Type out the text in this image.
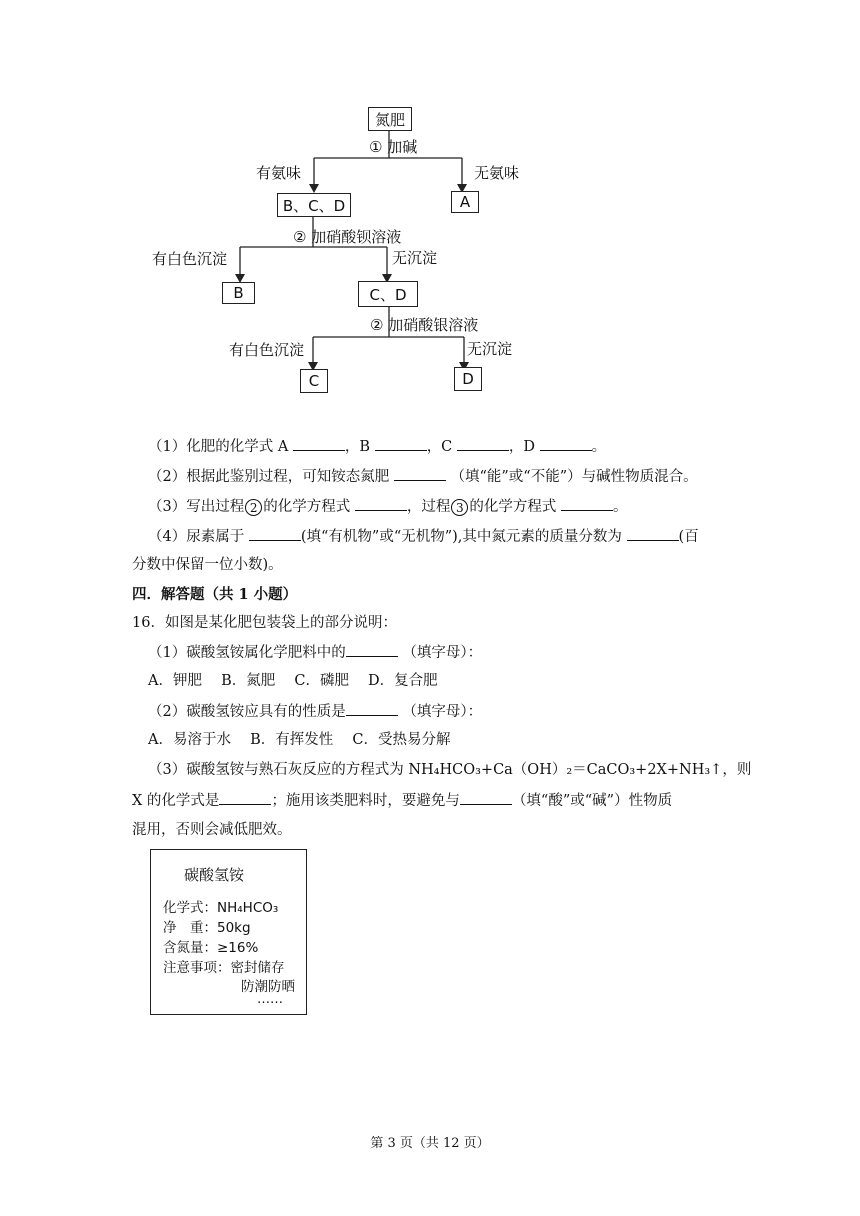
氮肥
① 加碱
有氨味	无氨味
B、C、D	A
② 加硝酸钡溶液
有白色沉淀	无沉淀
B	C、D
② 加硝酸银溶液
有白色沉淀	无沉淀
C	D
（1）化肥的化学式 A	，B	，C	，D	。
（2）根据此鉴别过程，可知铵态氮肥	（填“能”或“不能”）与碱性物质混合。
（3）写出过程 2 的化学方程式	，过程 3 的化学方程式	。
（4）尿素属于	(填“有机物”或“无机物”),其中氮元素的质量分数为	(百
分数中保留一位小数)。
四．解答题（共 1 小题）
16．如图是某化肥包装袋上的部分说明：
（1）碳酸氢铵属化学肥料中的	（填字母）：
A．钾肥　 B．氮肥　 C．磷肥　 D．复合肥
（2）碳酸氢铵应具有的性质是	（填字母）：
A．易溶于水　 B．有挥发性　 C．受热易分解
（3）碳酸氢铵与熟石灰反应的方程式为 NH₄HCO₃+Ca（OH）₂＝CaCO₃+2X+NH₃↑，则
X 的化学式是	；施用该类肥料时，要避免与	（填“酸”或“碱”）性物质
混用，否则会减低肥效。
碳酸氢铵
化学式：NH₄HCO₃
净　重：50kg
含氮量：≥16%
注意事项：密封储存
防潮防晒
……
第 3 页（共 12 页）
